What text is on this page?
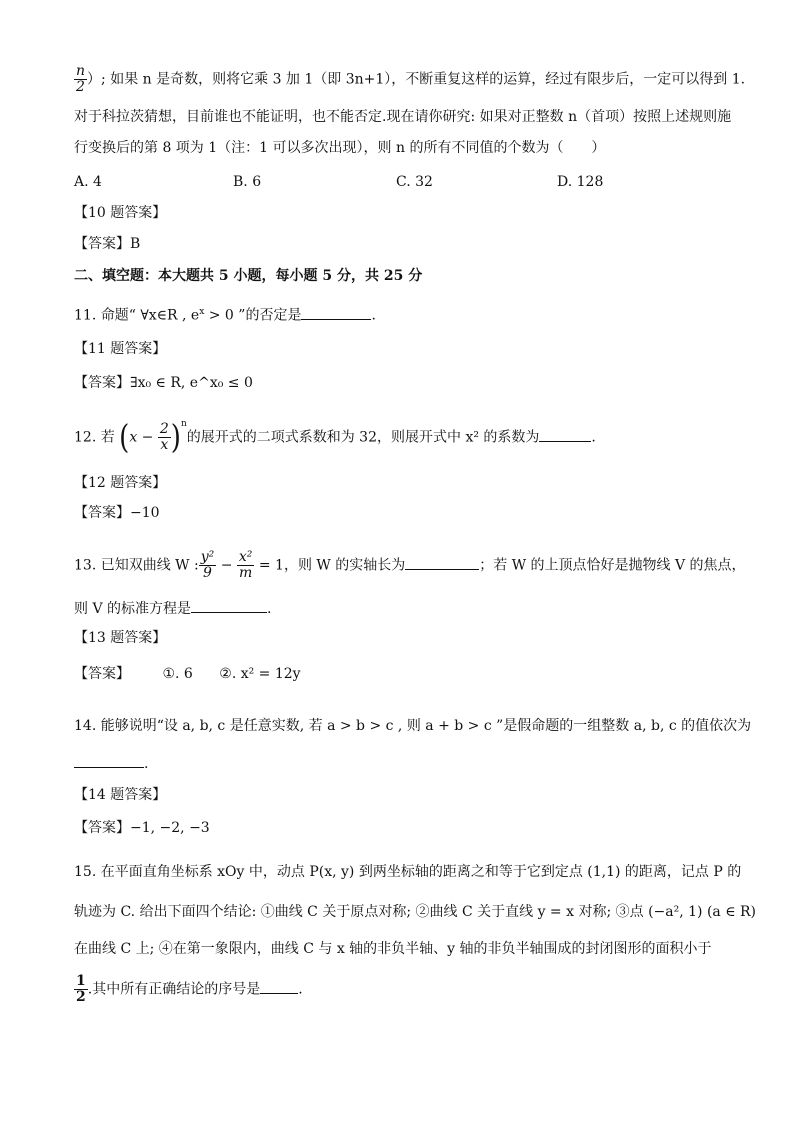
$\frac{n}{2}$ ）; 如果 n 是奇数，则将它乘 3 加 1（即 3n+1），不断重复这样的运算，经过有限步后，一定可以得到 1.
对于科拉茨猜想，目前谁也不能证明，也不能否定.现在请你研究: 如果对正整数 n（首项）按照上述规则施
行变换后的第 8 项为 1（注：1 可以多次出现），则 n 的所有不同值的个数为（　　）
A. 4	B. 6	C. 32	D. 128
【10 题答案】
【答案】B
二、填空题：本大题共 5 小题，每小题 5 分，共 25 分
11. 命题“ ∀x∈R , $e^x > 0$ ”的否定是	.
【11 题答案】
【答案】∃x₀ ∈ R, e^x₀ ≤ 0
12. 若 $(x - \frac{2}{x} )^n$的展开式的二项式系数和为 32，则展开式中 x² 的系数为	.
【12 题答案】
【答案】−10
13. 已知双曲线 W : $\frac{\text{y²}}{9} - \frac{\text{x²}}{m} = 1$，则 W 的实轴长为	；若 W 的上顶点恰好是抛物线 V 的焦点，
则 V 的标准方程是	.
【13 题答案】
【答案】 ①. 6 ②. x² = 12y
14. 能够说明“设 a, b, c 是任意实数, 若 a > b > c , 则 a + b > c ”是假命题的一组整数 a, b, c 的值依次为
.
【14 题答案】
【答案】−1, −2, −3
15. 在平面直角坐标系 xOy 中，动点 P(x, y) 到两坐标轴的距离之和等于它到定点 (1,1) 的距离，记点 P 的
轨迹为 C. 给出下面四个结论: ①曲线 C 关于原点对称; ②曲线 C 关于直线 y = x 对称; ③点 (−a², 1) (a ∈ R)
在曲线 C 上; ④在第一象限内，曲线 C 与 x 轴的非负半轴、y 轴的非负半轴围成的封闭图形的面积小于
$\frac{1}{2}$ .其中所有正确结论的序号是	.
